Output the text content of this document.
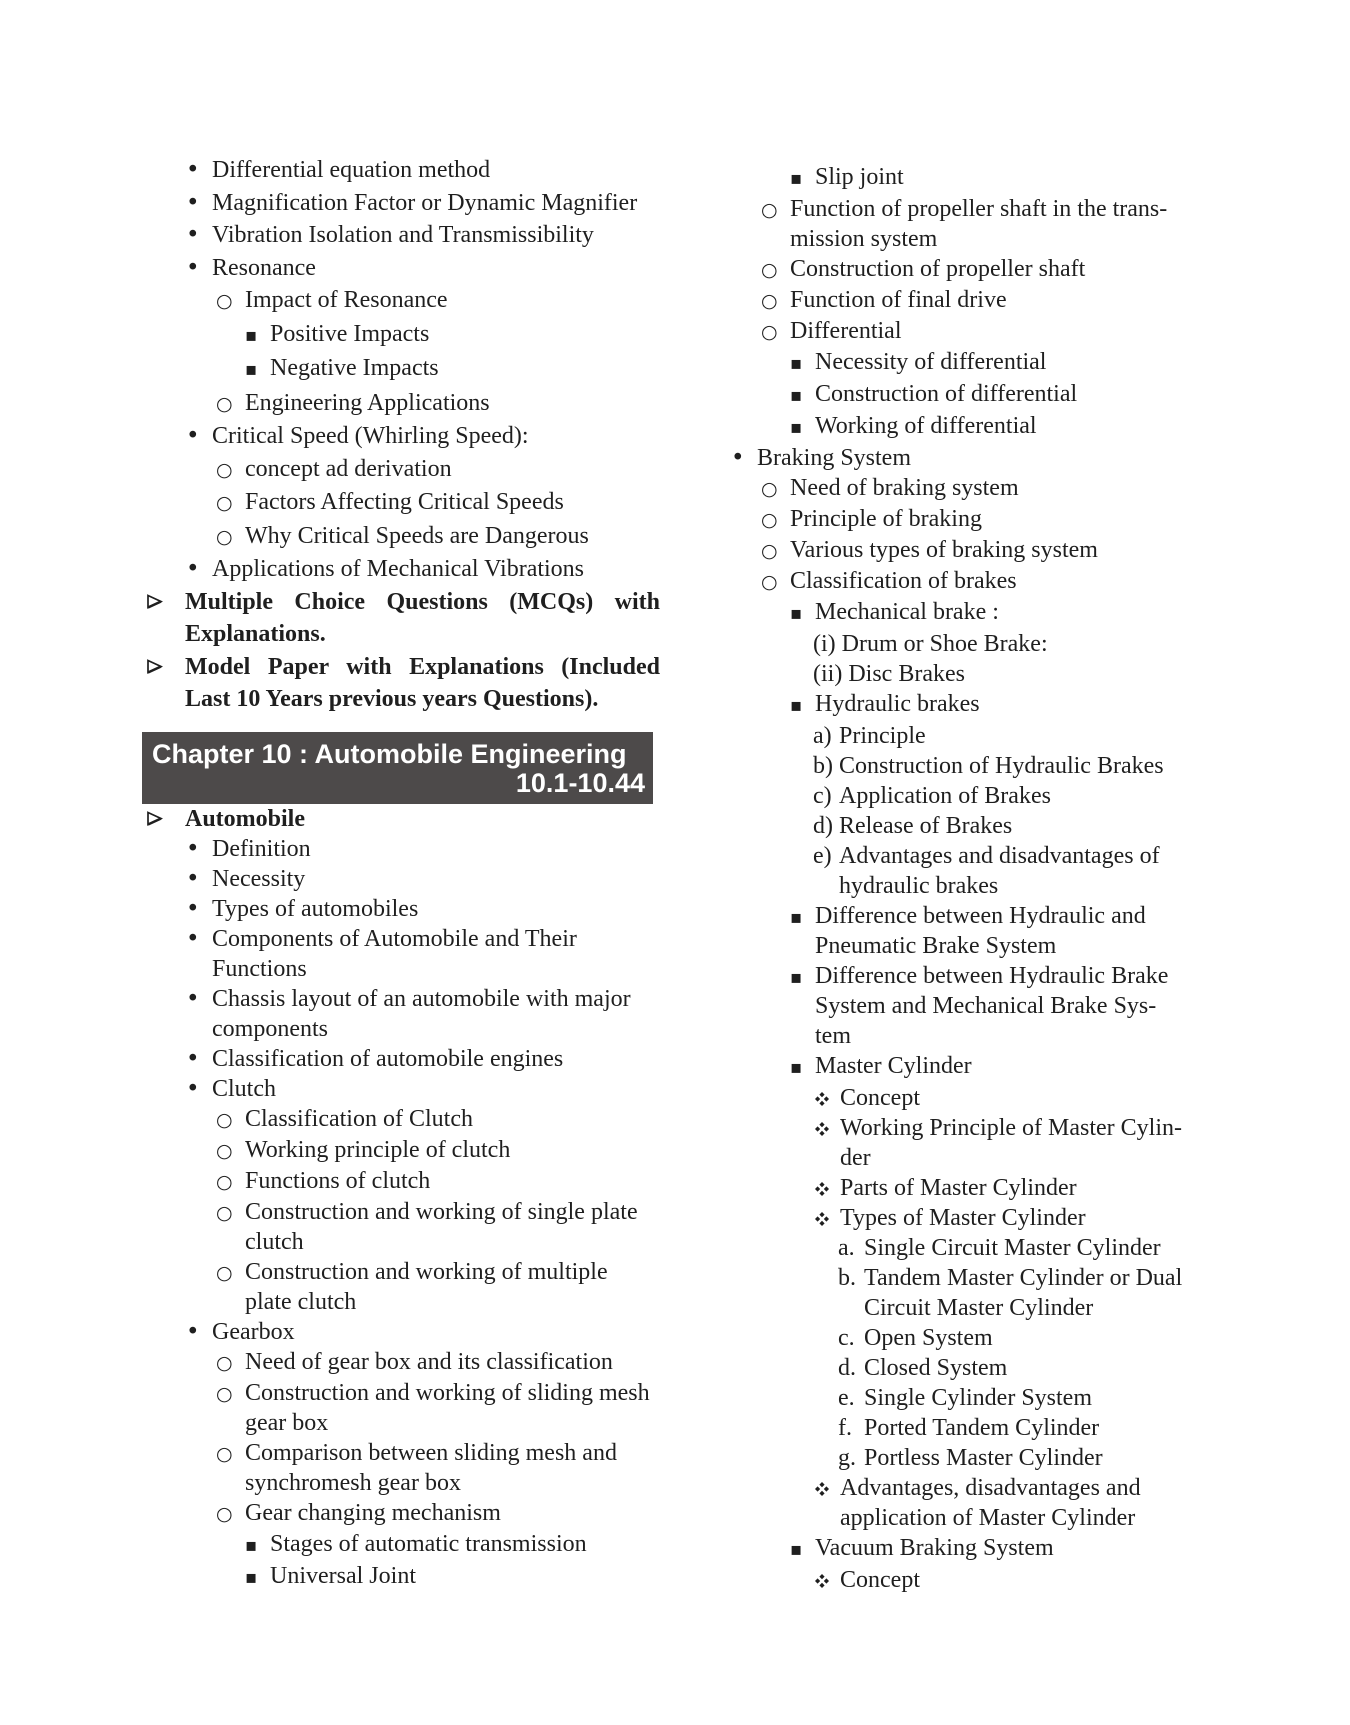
• Differential equation method
• Magnification Factor or Dynamic Magnifier
• Vibration Isolation and Transmissibility
• Resonance
○ Impact of Resonance
▪ Positive Impacts
▪ Negative Impacts
○ Engineering Applications
• Critical Speed (Whirling Speed):
○ concept ad derivation
○ Factors Affecting Critical Speeds
○ Why Critical Speeds are Dangerous
• Applications of Mechanical Vibrations
Multiple Choice Questions (MCQs) with Explanations.
Model Paper with Explanations (Included Last 10 Years previous years Questions).
Chapter 10 : Automobile Engineering
10.1-10.44
Automobile
• Definition
• Necessity
• Types of automobiles
• Components of Automobile and Their Functions
• Chassis layout of an automobile with major components
• Classification of automobile engines
• Clutch
○ Classification of Clutch
○ Working principle of clutch
○ Functions of clutch
○ Construction and working of single plate clutch
○ Construction and working of multiple plate clutch
• Gearbox
○ Need of gear box and its classification
○ Construction and working of sliding mesh gear box
○ Comparison between sliding mesh and synchromesh gear box
○ Gear changing mechanism
▪ Stages of automatic transmission
▪ Universal Joint
▪ Slip joint
○ Function of propeller shaft in the trans-
mission system
○ Construction of propeller shaft
○ Function of final drive
○ Differential
▪ Necessity of differential
▪ Construction of differential
▪ Working of differential
• Braking System
○ Need of braking system
○ Principle of braking
○ Various types of braking system
○ Classification of brakes
▪ Mechanical brake :
(i) Drum or Shoe Brake:
(ii) Disc Brakes
▪ Hydraulic brakes
a) Principle
b) Construction of Hydraulic Brakes
c) Application of Brakes
d) Release of Brakes
e) Advantages and disadvantages of hydraulic brakes
▪ Difference between Hydraulic and Pneumatic Brake System
▪ Difference between Hydraulic Brake
System and Mechanical Brake Sys-
tem
▪ Master Cylinder
Concept
Working Principle of Master Cylin-
der
Parts of Master Cylinder
Types of Master Cylinder
a. Single Circuit Master Cylinder
b. Tandem Master Cylinder or Dual Circuit Master Cylinder
c. Open System
d. Closed System
e. Single Cylinder System
f. Ported Tandem Cylinder
g. Portless Master Cylinder
Advantages, disadvantages and application of Master Cylinder
▪ Vacuum Braking System
Concept
